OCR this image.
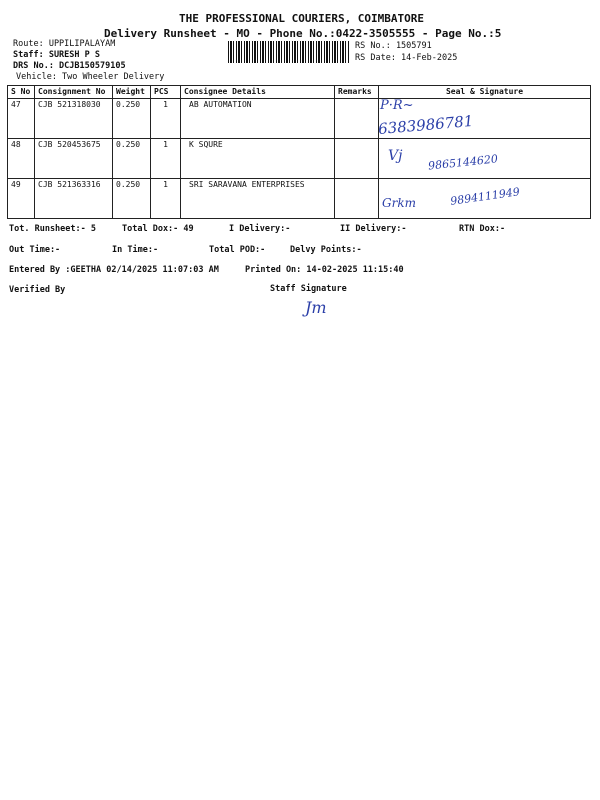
THE PROFESSIONAL COURIERS, COIMBATORE
Delivery Runsheet - MO - Phone No.:0422-3505555 - Page No.:5
Route: UPPILIPALAYAM
Staff: SURESH P S
DRS No.: DCJB150579105
Vehicle: Two Wheeler Delivery
RS No.: 1505791
RS Date: 14-Feb-2025
S No	Consignment No	Weight	PCS	Consignee Details	Remarks	Seal & Signature
47	CJB 521318030	0.250	1	AB AUTOMATION		
48	CJB 520453675	0.250	1	K SQURE		
49	CJB 521363316	0.250	1	SRI SARAVANA ENTERPRISES		
P·R~
6383986781
Vj 9865144620
Grkm	9894111949
Tot. Runsheet:- 5	Total Dox:- 49	I Delivery:-	II Delivery:-	RTN Dox:-
Out Time:-	In Time:-	Total POD:-	Delvy Points:-
Entered By :GEETHA 02/14/2025 11:07:03 AM	Printed On: 14-02-2025 11:15:40
Verified By	Staff Signature
Jm
